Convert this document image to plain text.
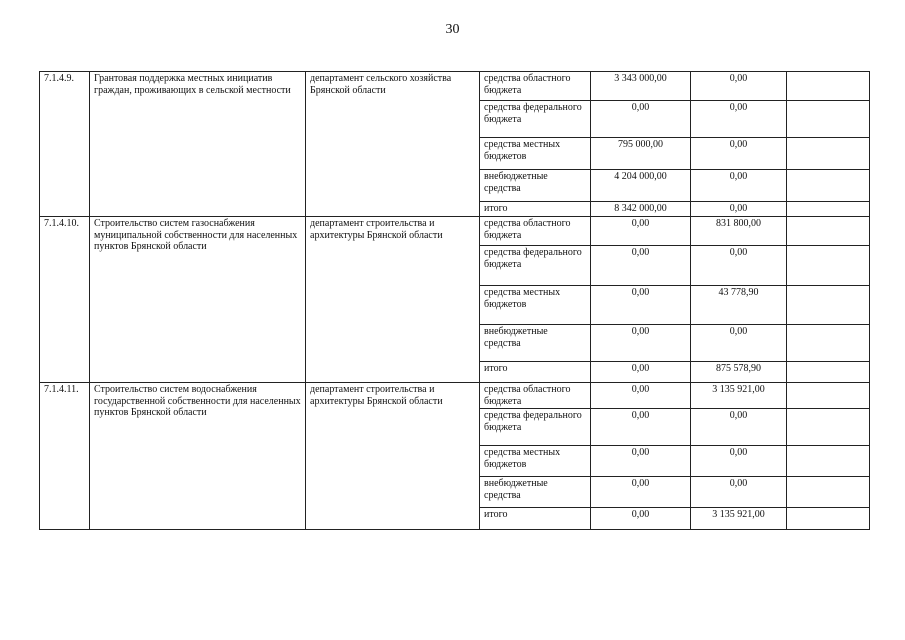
30
7.1.4.9.	Грантовая поддержка местных инициатив граждан, проживающих в сельской местности	департамент сельского хозяйства Брянской области	средства областного бюджета	3 343 000,00	0,00	
			средства федерального бюджета	0,00	0,00	
			средства местных бюджетов	795 000,00	0,00	
			внебюджетные средства	4 204 000,00	0,00	
			итого	8 342 000,00	0,00	
7.1.4.10.	Строительство систем газоснабжения муниципальной собственности для населенных пунктов Брянской области	департамент строительства и архитектуры Брянской области	средства областного бюджета	0,00	831 800,00	
			средства федерального бюджета	0,00	0,00	
			средства местных бюджетов	0,00	43 778,90	
			внебюджетные средства	0,00	0,00	
			итого	0,00	875 578,90	
7.1.4.11.	Строительство систем водоснабжения государственной собственности для населенных пунктов Брянской области	департамент строительства и архитектуры Брянской области	средства областного бюджета	0,00	3 135 921,00	
			средства федерального бюджета	0,00	0,00	
			средства местных бюджетов	0,00	0,00	
			внебюджетные средства	0,00	0,00	
			итого	0,00	3 135 921,00	
